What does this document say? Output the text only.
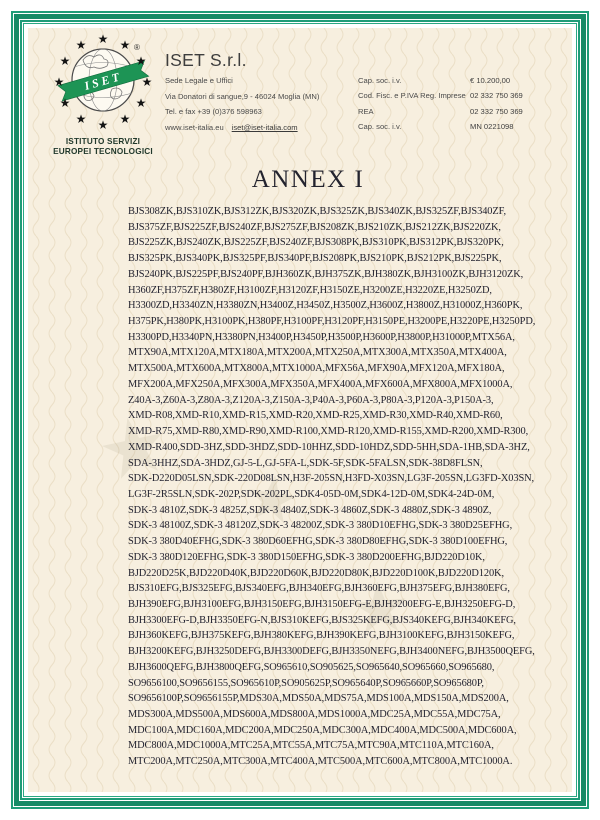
ISET
®
★ ★
★
★
★
★
★
★
★
★
★
★
ISTITUTO SERVIZI
EUROPEI TECNOLOGICI
ISET S.r.l.
Sede Legale e Uffici
Via Donatori di sangue,9 - 46024 Moglia (MN)
Tel. e fax +39 (0)376 598963
www.iset-italia.eu iset@iset-italia.com
Cap. soc. i.v.	€ 10.200,00
Cod. Fisc. e P.IVA Reg. Imprese 02 332 750 369
REA	02 332 750 369
Cap. soc. i.v.	MN 0221098
ANNEX I
BJS308ZK,BJS310ZK,BJS312ZK,BJS320ZK,BJS325ZK,BJS340ZK,BJS325ZF,BJS340ZF,
BJS375ZF,BJS225ZF,BJS240ZF,BJS275ZF,BJS208ZK,BJS210ZK,BJS212ZK,BJS220ZK,
BJS225ZK,BJS240ZK,BJS225ZF,BJS240ZF,BJS308PK,BJS310PK,BJS312PK,BJS320PK,
BJS325PK,BJS340PK,BJS325PF,BJS340PF,BJS208PK,BJS210PK,BJS212PK,BJS225PK,
BJS240PK,BJS225PF,BJS240PF,BJH360ZK,BJH375ZK,BJH380ZK,BJH3100ZK,BJH3120ZK,
H360ZF,H375ZF,H380ZF,H3100ZF,H3120ZF,H3150ZE,H3200ZE,H3220ZE,H3250ZD,
H3300ZD,H3340ZN,H3380ZN,H3400Z,H3450Z,H3500Z,H3600Z,H3800Z,H31000Z,H360PK,
H375PK,H380PK,H3100PK,H380PF,H3100PF,H3120PF,H3150PE,H3200PE,H3220PE,H3250PD,
H3300PD,H3340PN,H3380PN,H3400P,H3450P,H3500P,H3600P,H3800P,H31000P,MTX56A,
MTX90A,MTX120A,MTX180A,MTX200A,MTX250A,MTX300A,MTX350A,MTX400A,
MTX500A,MTX600A,MTX800A,MTX1000A,MFX56A,MFX90A,MFX120A,MFX180A,
MFX200A,MFX250A,MFX300A,MFX350A,MFX400A,MFX600A,MFX800A,MFX1000A,
Z40A-3,Z60A-3,Z80A-3,Z120A-3,Z150A-3,P40A-3,P60A-3,P80A-3,P120A-3,P150A-3,
XMD-R08,XMD-R10,XMD-R15,XMD-R20,XMD-R25,XMD-R30,XMD-R40,XMD-R60,
XMD-R75,XMD-R80,XMD-R90,XMD-R100,XMD-R120,XMD-R155,XMD-R200,XMD-R300,
XMD-R400,SDD-3HZ,SDD-3HDZ,SDD-10HHZ,SDD-10HDZ,SDD-5HH,SDA-1HB,SDA-3HZ,
SDA-3HHZ,SDA-3HDZ,GJ-5-L,GJ-5FA-L,SDK-5F,SDK-5FALSN,SDK-38D8FLSN,
SDK-D220D05LSN,SDK-220D08LSN,H3F-205SN,H3FD-X03SN,LG3F-205SN,LG3FD-X03SN,
LG3F-2R5SLN,SDK-202P,SDK-202PL,SDK4-05D-0M,SDK4-12D-0M,SDK4-24D-0M,
SDK-3 4810Z,SDK-3 4825Z,SDK-3 4840Z,SDK-3 4860Z,SDK-3 4880Z,SDK-3 4890Z,
SDK-3 48100Z,SDK-3 48120Z,SDK-3 48200Z,SDK-3 380D10EFHG,SDK-3 380D25EFHG,
SDK-3 380D40EFHG,SDK-3 380D60EFHG,SDK-3 380D80EFHG,SDK-3 380D100EFHG,
SDK-3 380D120EFHG,SDK-3 380D150EFHG,SDK-3 380D200EFHG,BJD220D10K,
BJD220D25K,BJD220D40K,BJD220D60K,BJD220D80K,BJD220D100K,BJD220D120K,
BJS310EFG,BJS325EFG,BJS340EFG,BJH340EFG,BJH360EFG,BJH375EFG,BJH380EFG,
BJH390EFG,BJH3100EFG,BJH3150EFG,BJH3150EFG-E,BJH3200EFG-E,BJH3250EFG-D,
BJH3300EFG-D,BJH3350EFG-N,BJS310KEFG,BJS325KEFG,BJS340KEFG,BJH340KEFG,
BJH360KEFG,BJH375KEFG,BJH380KEFG,BJH390KEFG,BJH3100KEFG,BJH3150KEFG,
BJH3200KEFG,BJH3250DEFG,BJH3300DEFG,BJH3350NEFG,BJH3400NEFG,BJH3500QEFG,
BJH3600QEFG,BJH3800QEFG,SO965610,SO905625,SO965640,SO965660,SO965680,
SO9656100,SO9656155,SO965610P,SO905625P,SO965640P,SO965660P,SO965680P,
SO9656100P,SO9656155P,MDS30A,MDS50A,MDS75A,MDS100A,MDS150A,MDS200A,
MDS300A,MDS500A,MDS600A,MDS800A,MDS1000A,MDC25A,MDC55A,MDC75A,
MDC100A,MDC160A,MDC200A,MDC250A,MDC300A,MDC400A,MDC500A,MDC600A,
MDC800A,MDC1000A,MTC25A,MTC55A,MTC75A,MTC90A,MTC110A,MTC160A,
MTC200A,MTC250A,MTC300A,MTC400A,MTC500A,MTC600A,MTC800A,MTC1000A.
